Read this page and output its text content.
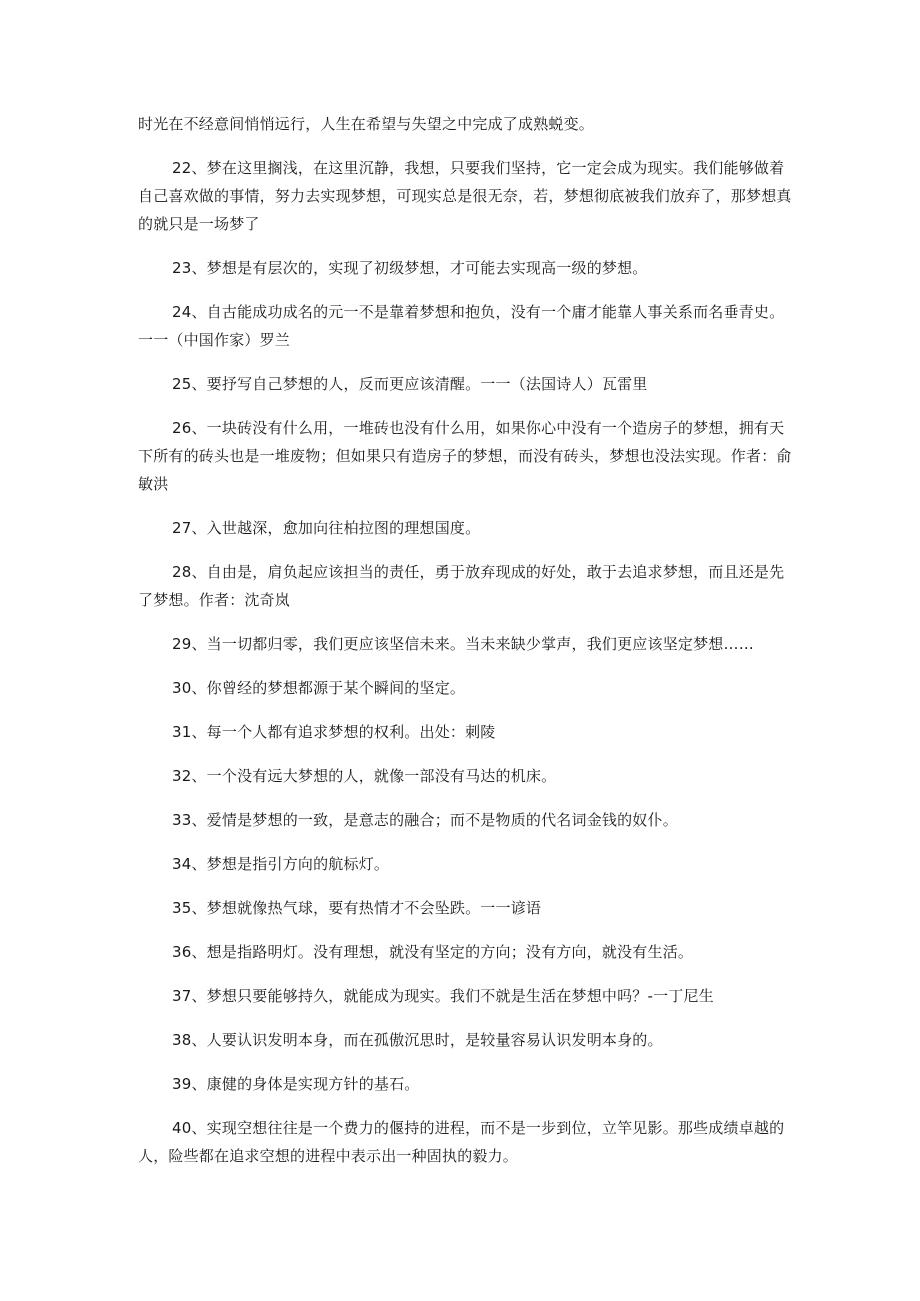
时光在不经意间悄悄远行，人生在希望与失望之中完成了成熟蜕变。

22、梦在这里搁浅，在这里沉静，我想，只要我们坚持，它一定会成为现实。我们能够做着自己喜欢做的事情，努力去实现梦想，可现实总是很无奈，若，梦想彻底被我们放弃了，那梦想真的就只是一场梦了

23、梦想是有层次的，实现了初级梦想，才可能去实现高一级的梦想。

24、自古能成功成名的元一不是靠着梦想和抱负，没有一个庸才能靠人事关系而名垂青史。一一（中国作家）罗兰

25、要抒写自己梦想的人，反而更应该清醒。一一（法国诗人）瓦雷里

26、一块砖没有什么用，一堆砖也没有什么用，如果你心中没有一个造房子的梦想，拥有天下所有的砖头也是一堆废物；但如果只有造房子的梦想，而没有砖头，梦想也没法实现。作者：俞敏洪

27、入世越深，愈加向往柏拉图的理想国度。

28、自由是，肩负起应该担当的责任，勇于放弃现成的好处，敢于去追求梦想，而且还是先了梦想。作者：沈奇岚

29、当一切都归零，我们更应该坚信未来。当未来缺少掌声，我们更应该坚定梦想……

30、你曾经的梦想都源于某个瞬间的坚定。

31、每一个人都有追求梦想的权利。出处：刺陵

32、一个没有远大梦想的人，就像一部没有马达的机床。

33、爱情是梦想的一致，是意志的融合；而不是物质的代名词金钱的奴仆。

34、梦想是指引方向的航标灯。

35、梦想就像热气球，要有热情才不会坠跌。一一谚语

36、想是指路明灯。没有理想，就没有坚定的方向；没有方向，就没有生活。

37、梦想只要能够持久，就能成为现实。我们不就是生活在梦想中吗？-一丁尼生

38、人要认识发明本身，而在孤傲沉思时，是较量容易认识发明本身的。

39、康健的身体是实现方针的基石。

40、实现空想往往是一个费力的偃持的进程，而不是一步到位，立竿见影。那些成绩卓越的人，险些都在追求空想的进程中表示出一种固执的毅力。
